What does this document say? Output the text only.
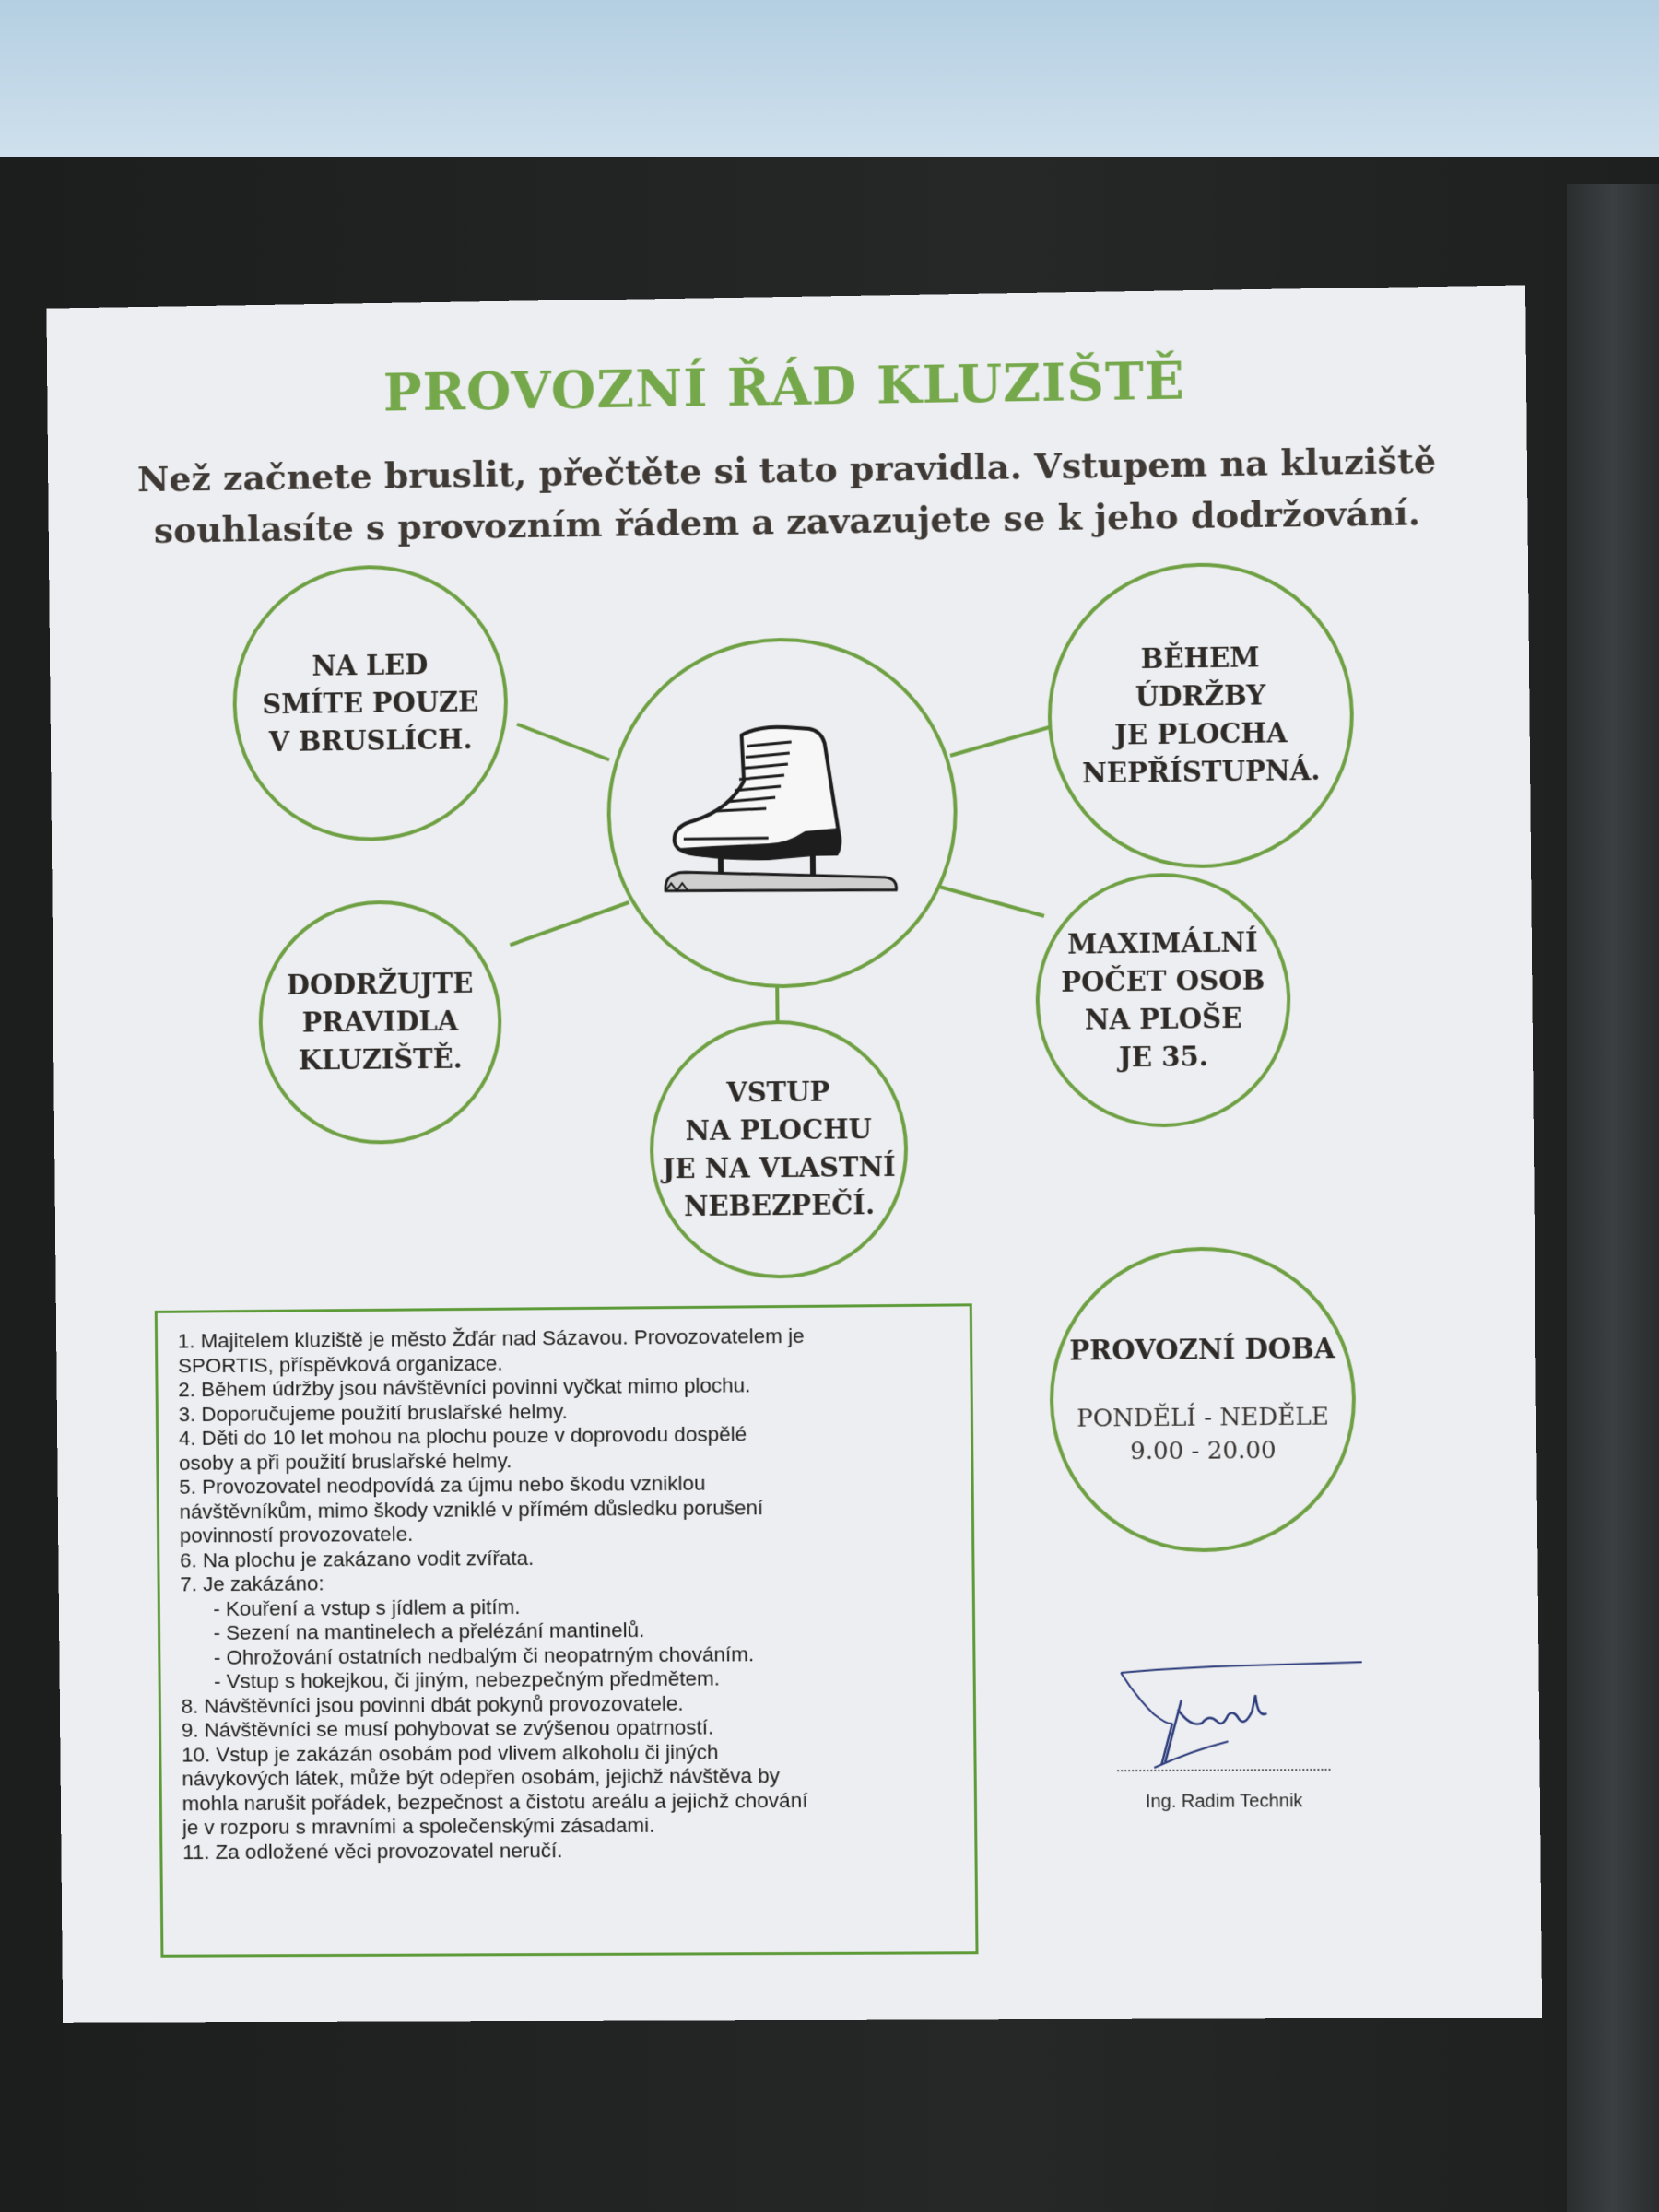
PROVOZNÍ ŘÁD KLUZIŠTĚ
Než začnete bruslit, přečtěte si tato pravidla. Vstupem na kluziště souhlasíte s provozním řádem a zavazujete se k jeho dodržování.
NA LED
SMÍTE POUZE
V BRUSLÍCH.
BĚHEM
ÚDRŽBY
JE PLOCHA
NEPŘÍSTUPNÁ.
DODRŽUJTE
PRAVIDLA
KLUZIŠTĚ.
VSTUP
NA PLOCHU
JE NA VLASTNÍ
NEBEZPEČÍ.
MAXIMÁLNÍ
POČET OSOB
NA PLOŠE
JE 35.
1. Majitelem kluziště je město Žďár nad Sázavou. Provozovatelem je
SPORTIS, příspěvková organizace.
2. Během údržby jsou návštěvníci povinni vyčkat mimo plochu.
3. Doporučujeme použití bruslařské helmy.
4. Děti do 10 let mohou na plochu pouze v doprovodu dospělé
osoby a při použití bruslařské helmy.
5. Provozovatel neodpovídá za újmu nebo škodu vzniklou
návštěvníkům, mimo škody vzniklé v přímém důsledku porušení
povinností provozovatele.
6. Na plochu je zakázano vodit zvířata.
7. Je zakázáno:
- Kouření a vstup s jídlem a pitím.
- Sezení na mantinelech a přelézání mantinelů.
- Ohrožování ostatních nedbalým či neopatrným chováním.
- Vstup s hokejkou, či jiným, nebezpečným předmětem.
8. Návštěvníci jsou povinni dbát pokynů provozovatele.
9. Návštěvníci se musí pohybovat se zvýšenou opatrností.
10. Vstup je zakázán osobám pod vlivem alkoholu či jiných
návykových látek, může být odepřen osobám, jejichž návštěva by
mohla narušit pořádek, bezpečnost a čistotu areálu a jejichž chování
je v rozporu s mravními a společenskými zásadami.
11. Za odložené věci provozovatel neručí.
PROVOZNÍ DOBA
PONDĚLÍ - NEDĚLE
9.00 - 20.00
Ing. Radim Technik
